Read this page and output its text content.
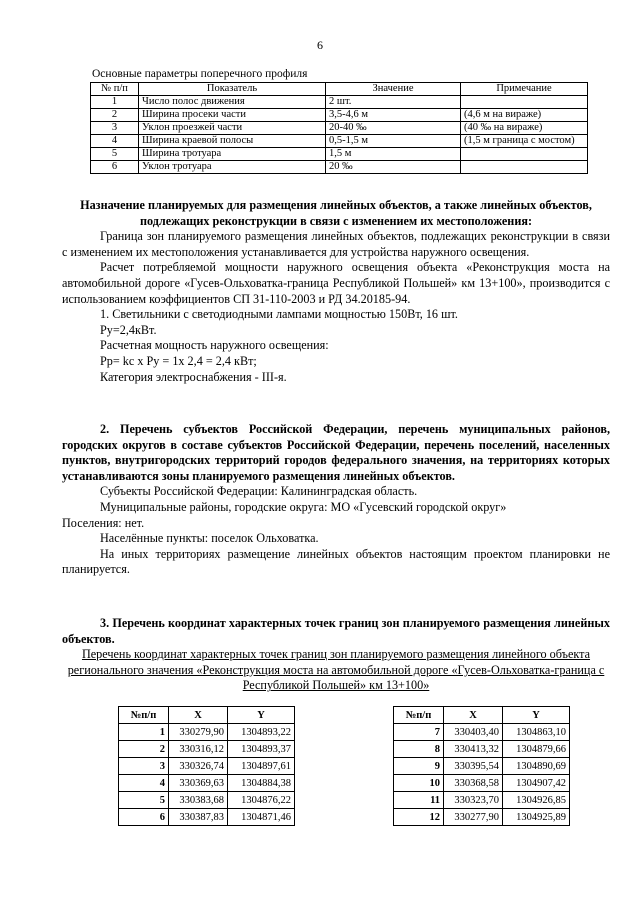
6
Основные параметры поперечного профиля
№ п/п	Показатель	Значение	Примечание
1	Число полос движения	2 шт.	
2	Ширина просеки части	3,5-4,6 м	(4,6 м на вираже)
3	Уклон проезжей части	20-40 ‰	(40 ‰ на вираже)
4	Ширина краевой полосы	0,5-1,5 м	(1,5 м граница с мостом)
5	Ширина тротуара	1,5 м	
6	Уклон тротуара	20 ‰	

Назначение планируемых для размещения линейных объектов, а также линейных объектов, подлежащих реконструкции в связи с изменением их местоположения:

Граница зон планируемого размещения линейных объектов, подлежащих реконструкции в связи с изменением их местоположения устанавливается для устройства наружного освещения.

Расчет потребляемой мощности наружного освещения объекта «Реконструкция моста на автомобильной дороге «Гусев-Ольховатка-граница Республикой Польшей» км 13+100», производится с использованием коэффициентов СП 31-110-2003 и РД 34.20185-94.

1. Светильники с светодиодными лампами мощностью 150Вт, 16 шт.

Ру=2,4кВт.

Расчетная мощность наружного освещения:

Рр= kс х Ру = 1х 2,4 = 2,4 кВт;

Категория электроснабжения - III-я.

2. Перечень субъектов Российской Федерации, перечень муниципальных районов, городских округов в составе субъектов Российской Федерации, перечень поселений, населенных пунктов, внутригородских территорий городов федерального значения, на территориях которых устанавливаются зоны планируемого размещения линейных объектов.

Субъекты Российской Федерации: Калининградская область.

Муниципальные районы, городские округа: МО «Гусевский городской округ»

Поселения: нет.

Населённые пункты: поселок Ольховатка.

На иных территориях размещение линейных объектов настоящим проектом планировки не планируется.

3. Перечень координат характерных точек границ зон планируемого размещения линейных объектов.

Перечень координат характерных точек границ зон планируемого размещения линейного объекта регионального значения «Реконструкция моста на автомобильной дороге «Гусев-Ольховатка-граница с Республикой Польшей» км 13+100»

№п/п	X	Y
1	330279,90	1304893,22
2	330316,12	1304893,37
3	330326,74	1304897,61
4	330369,63	1304884,38
5	330383,68	1304876,22
6	330387,83	1304871,46
№п/п	X	Y
7	330403,40	1304863,10
8	330413,32	1304879,66
9	330395,54	1304890,69
10	330368,58	1304907,42
11	330323,70	1304926,85
12	330277,90	1304925,89
